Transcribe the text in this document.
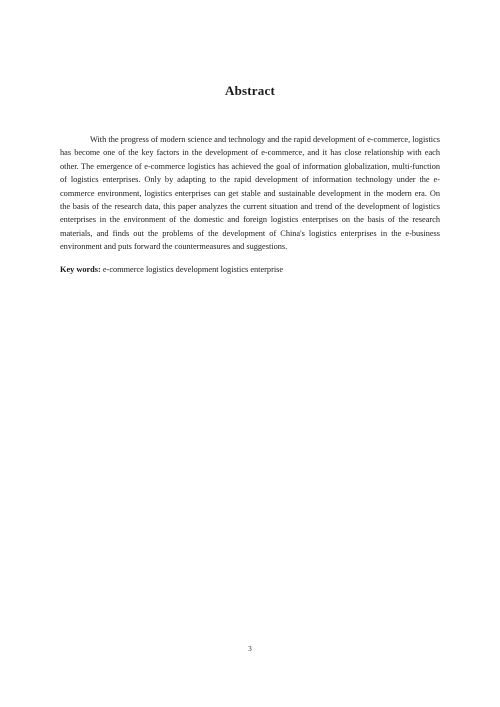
Abstract

With the progress of modern science and technology and the rapid development of e-commerce, logistics has become one of the key factors in the development of e-commerce, and it has close relationship with each other. The emergence of e-commerce logistics has achieved the goal of information globalization, multi-function of logistics enterprises. Only by adapting to the rapid development of information technology under the e-commerce environment, logistics enterprises can get stable and sustainable development in the modern era. On the basis of the research data, this paper analyzes the current situation and trend of the development of logistics enterprises in the environment of the domestic and foreign logistics enterprises on the basis of the research materials, and finds out the problems of the development of China's logistics enterprises in the e-business environment and puts forward the countermeasures and suggestions.

Key words: e-commerce logistics development logistics enterprise

3
